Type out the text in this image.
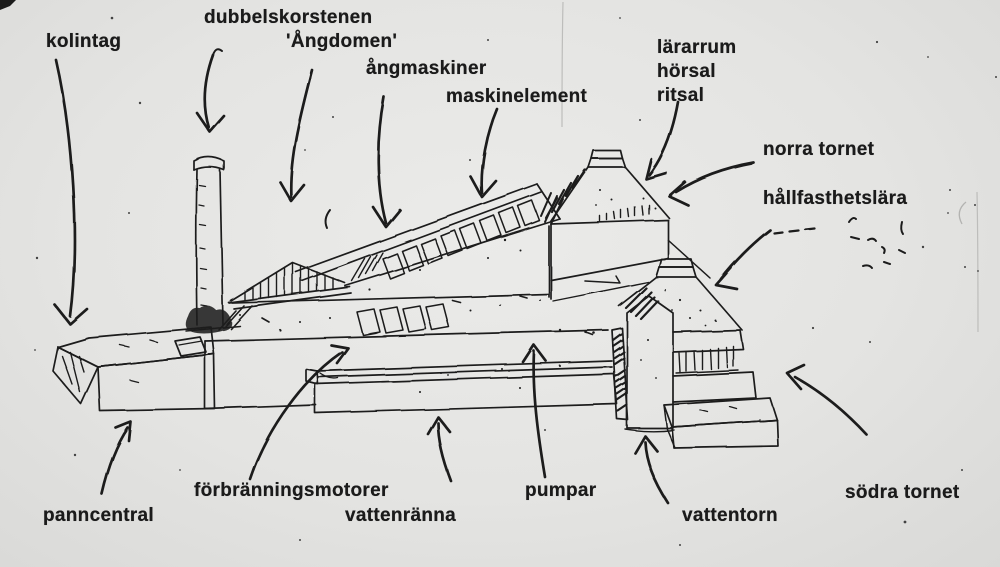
kolintag
dubbelskorstenen
'Ångdomen'
ångmaskiner
maskinelement
lärarrum
hörsal
ritsal
norra tornet
hållfasthetslära
förbränningsmotorer
panncentral	vattenränna
pumpar
vattentorn
södra tornet
